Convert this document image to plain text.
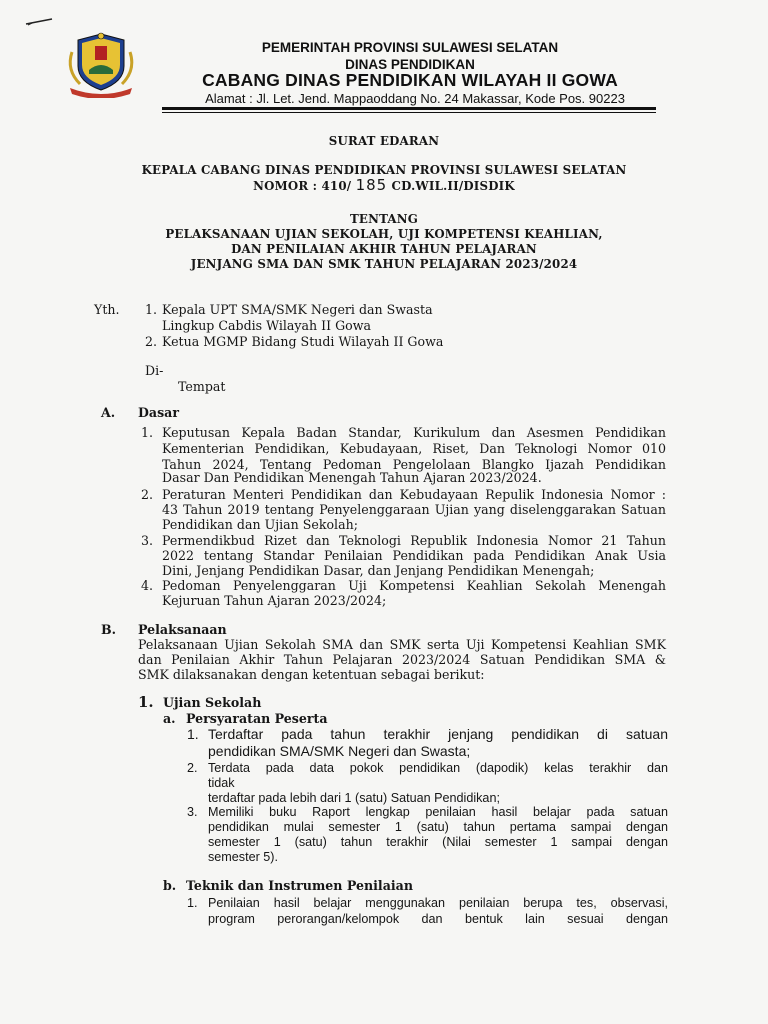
PEMERINTAH PROVINSI SULAWESI SELATAN
DINAS PENDIDIKAN
CABANG DINAS PENDIDIKAN WILAYAH II GOWA
Alamat : Jl. Let. Jend. Mappaoddang No. 24 Makassar, Kode Pos. 90223
SURAT EDARAN
KEPALA CABANG DINAS PENDIDIKAN PROVINSI SULAWESI SELATAN
NOMOR : 410/ 185 CD.WIL.II/DISDIK
TENTANG
PELAKSANAAN UJIAN SEKOLAH, UJI KOMPETENSI KEAHLIAN,
DAN PENILAIAN AKHIR TAHUN PELAJARAN
JENJANG SMA DAN SMK TAHUN PELAJARAN 2023/2024
Yth. 1. Kepala UPT SMA/SMK Negeri dan Swasta
Lingkup Cabdis Wilayah II Gowa
2. Ketua MGMP Bidang Studi Wilayah II Gowa
Di-
Tempat
A. Dasar
1. Keputusan Kepala Badan Standar, Kurikulum dan Asesmen Pendidikan
Kementerian Pendidikan, Kebudayaan, Riset, Dan Teknologi Nomor 010
Tahun 2024, Tentang Pedoman Pengelolaan Blangko Ijazah Pendidikan
Dasar Dan Pendidikan Menengah Tahun Ajaran 2023/2024.
2. Peraturan Menteri Pendidikan dan Kebudayaan Repulik Indonesia Nomor :
43 Tahun 2019 tentang Penyelenggaraan Ujian yang diselenggarakan Satuan
Pendidikan dan Ujian Sekolah;
3. Permendikbud Rizet dan Teknologi Republik Indonesia Nomor 21 Tahun
2022 tentang Standar Penilaian Pendidikan pada Pendidikan Anak Usia
Dini, Jenjang Pendidikan Dasar, dan Jenjang Pendidikan Menengah;
4. Pedoman Penyelenggaran Uji Kompetensi Keahlian Sekolah Menengah
Kejuruan Tahun Ajaran 2023/2024;
B. Pelaksanaan
Pelaksanaan Ujian Sekolah SMA dan SMK serta Uji Kompetensi Keahlian SMK
dan Penilaian Akhir Tahun Pelajaran 2023/2024 Satuan Pendidikan SMA &
SMK dilaksanakan dengan ketentuan sebagai berikut:
1. Ujian Sekolah
a. Persyaratan Peserta
1. Terdaftar pada tahun terakhir jenjang pendidikan di satuan
pendidikan SMA/SMK Negeri dan Swasta;
2. Terdata pada data pokok pendidikan (dapodik) kelas terakhir dan
tidak
terdaftar pada lebih dari 1 (satu) Satuan Pendidikan;
3. Memiliki buku Raport lengkap penilaian hasil belajar pada satuan
pendidikan mulai semester 1 (satu) tahun pertama sampai dengan
semester 1 (satu) tahun terakhir (Nilai semester 1 sampai dengan
semester 5).
b. Teknik dan Instrumen Penilaian
1. Penilaian hasil belajar menggunakan penilaian berupa tes, observasi,
program perorangan/kelompok dan bentuk lain sesuai dengan
